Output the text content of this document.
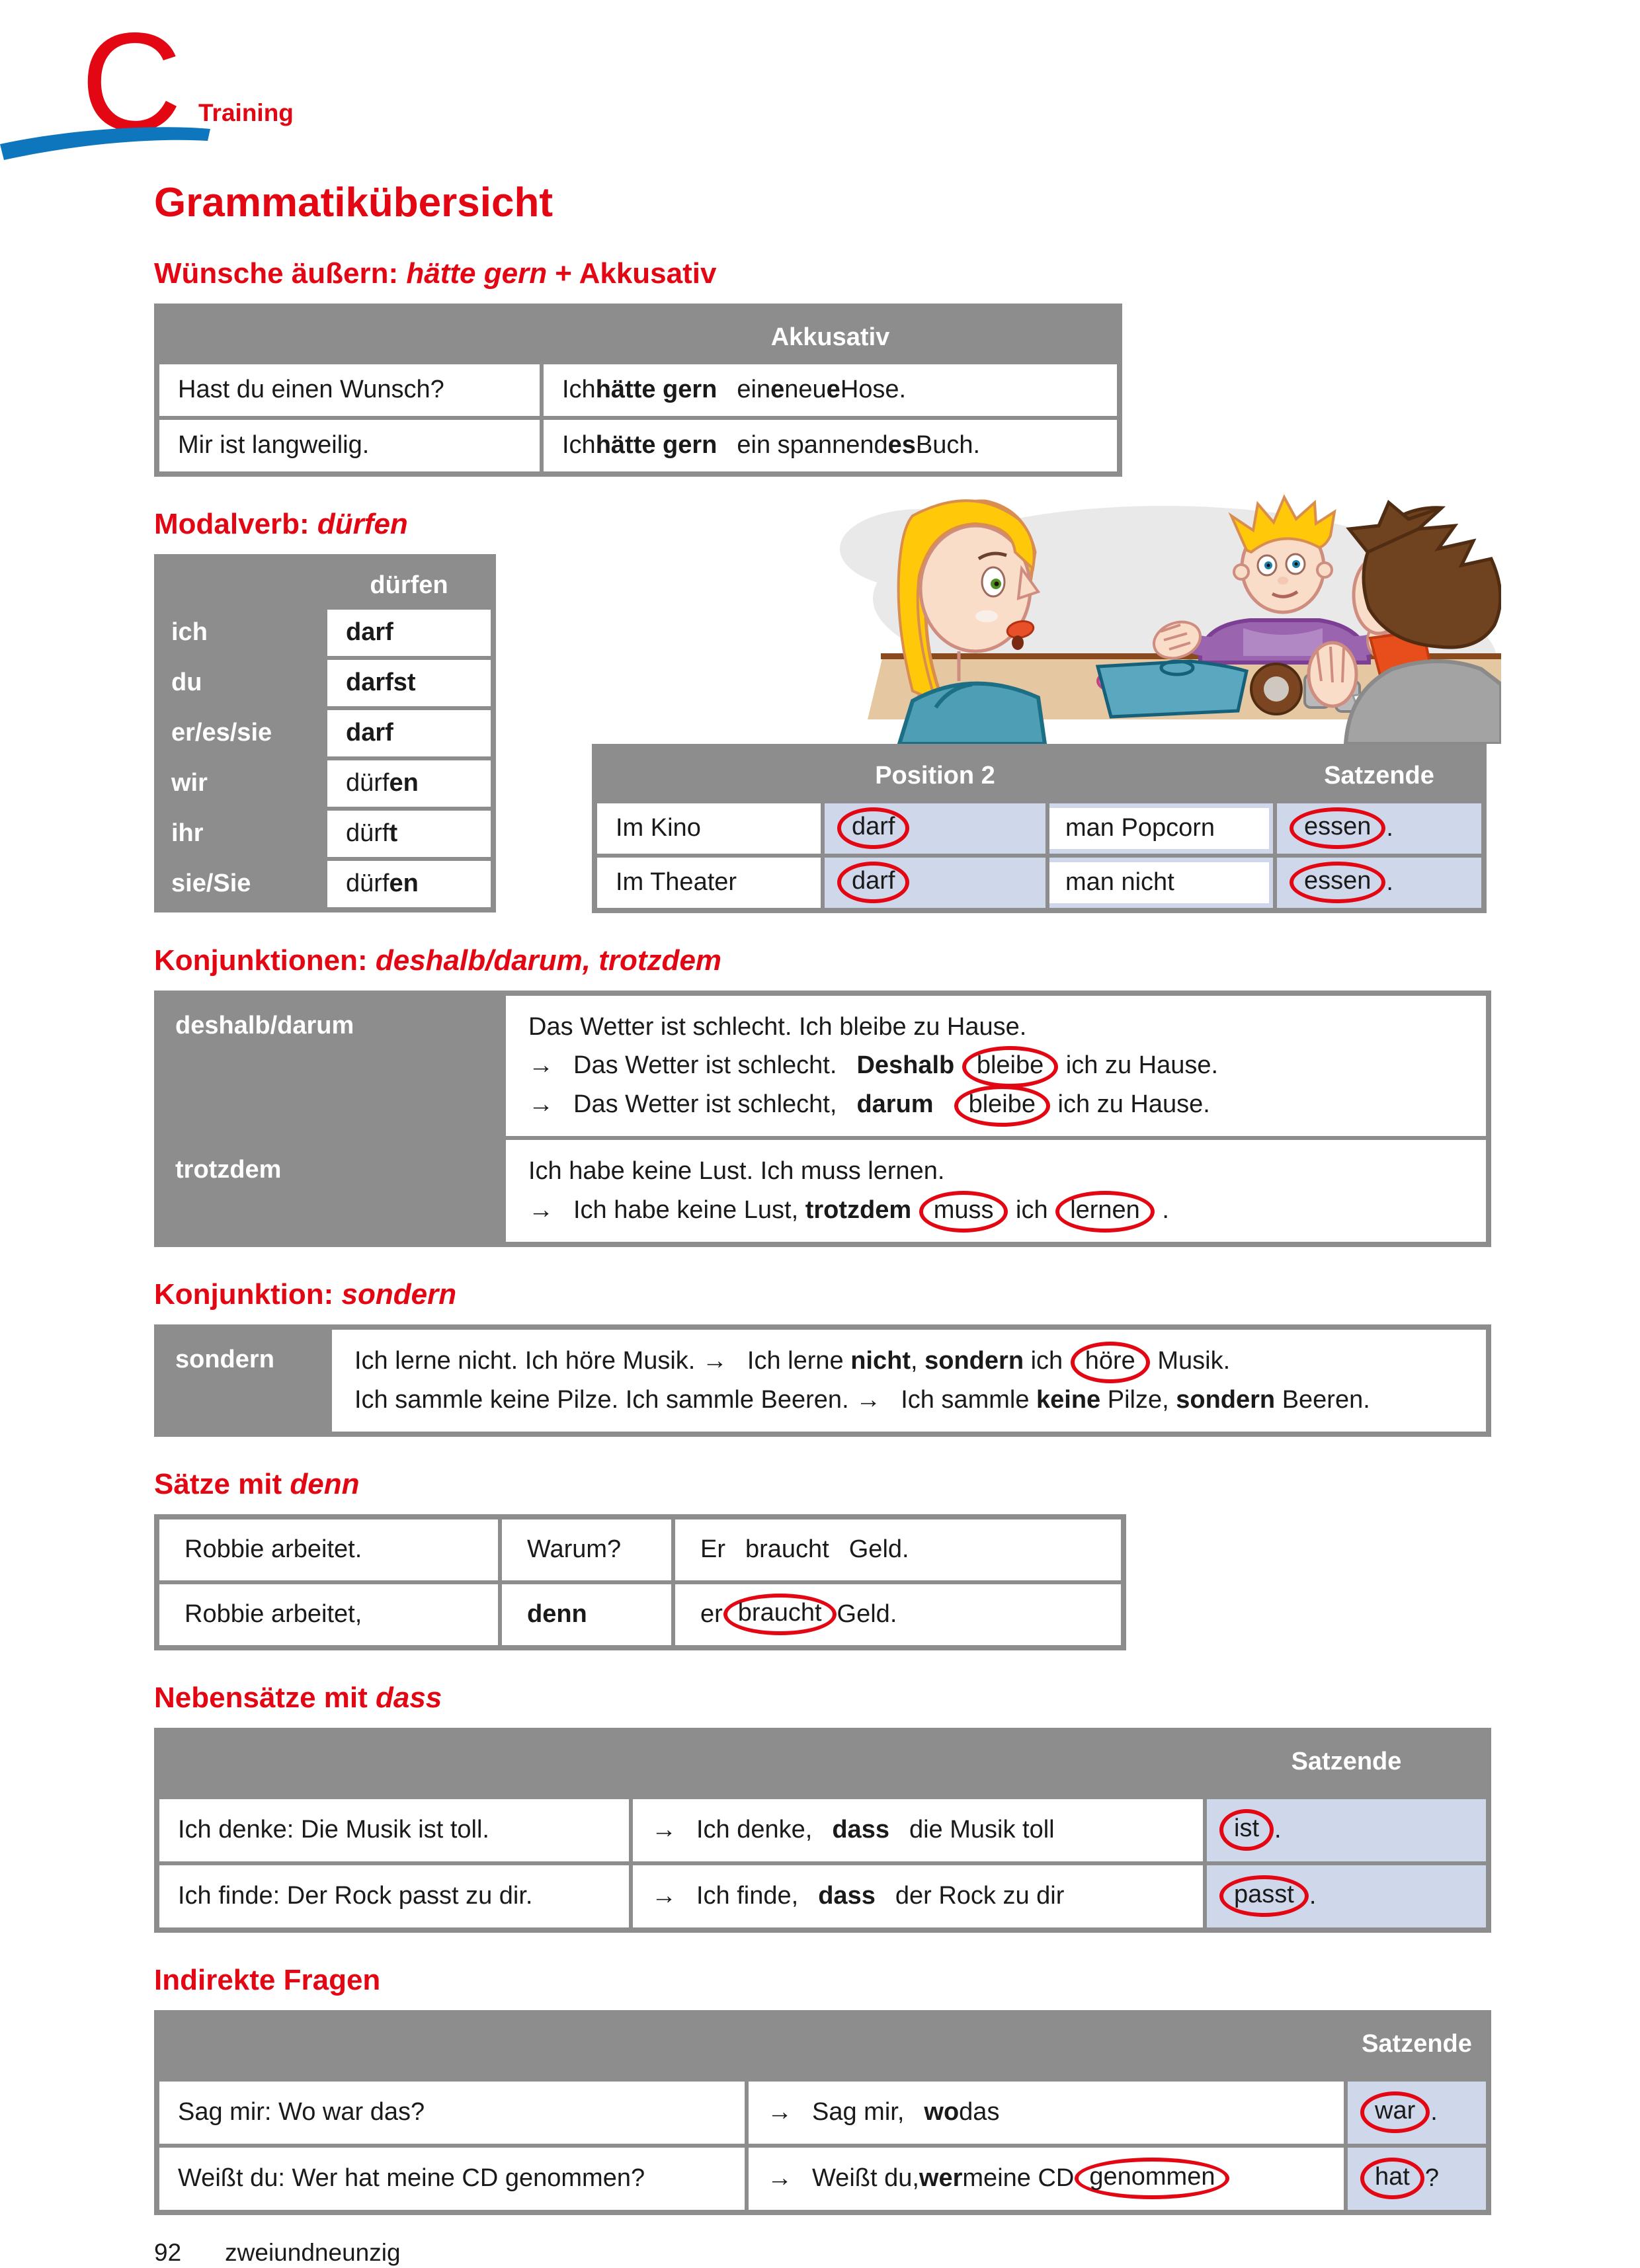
C Training
Grammatikübersicht
Wünsche äußern: hätte gern + Akkusativ
Akkusativ
Hast du einen Wunsch?	Ich hätte gern ein e neu e Hose.
Mir ist langweilig.	Ich hätte gern ein spannend es Buch.
Modalverb: dürfen
dürfen
ich	darf
du	darfst
er/es/sie	darf
wir	dürf en
ihr	dürf t
sie/Sie	dürf en
Position 2	Satzende
Im Kino	darf	man Popcorn	essen .
Im Theater	darf	man nicht	essen .
Konjunktionen: deshalb/darum, trotzdem
deshalb/darum	Das Wetter ist schlecht. Ich bleibe zu Hause.
→ Das Wetter ist schlecht. Deshalb bleibe ich zu Hause.
→ Das Wetter ist schlecht, darum bleibe ich zu Hause.
trotzdem	Ich habe keine Lust. Ich muss lernen.
→ Ich habe keine Lust, trotzdem muss ich lernen .
Konjunktion: sondern
sondern	Ich lerne nicht. Ich höre Musik. → Ich lerne nicht, sondern ich höre Musik.
Ich sammle keine Pilze. Ich sammle Beeren. → Ich sammle keine Pilze, sondern Beeren.
Sätze mit denn
Robbie arbeitet.	Warum?	Er braucht Geld.
Robbie arbeitet,	denn	er braucht Geld.
Nebensätze mit dass
Satzende
Ich denke: Die Musik ist toll.	→ Ich denke, dass die Musik toll	ist .
Ich finde: Der Rock passt zu dir.	→ Ich finde, dass der Rock zu dir	passt .
Indirekte Fragen
Satzende
Sag mir: Wo war das?	→ Sag mir, wo das	war .
Weißt du: Wer hat meine CD genommen?	→ Weißt du, wer meine CD genommen	hat ?
92 zweiundneunzig
